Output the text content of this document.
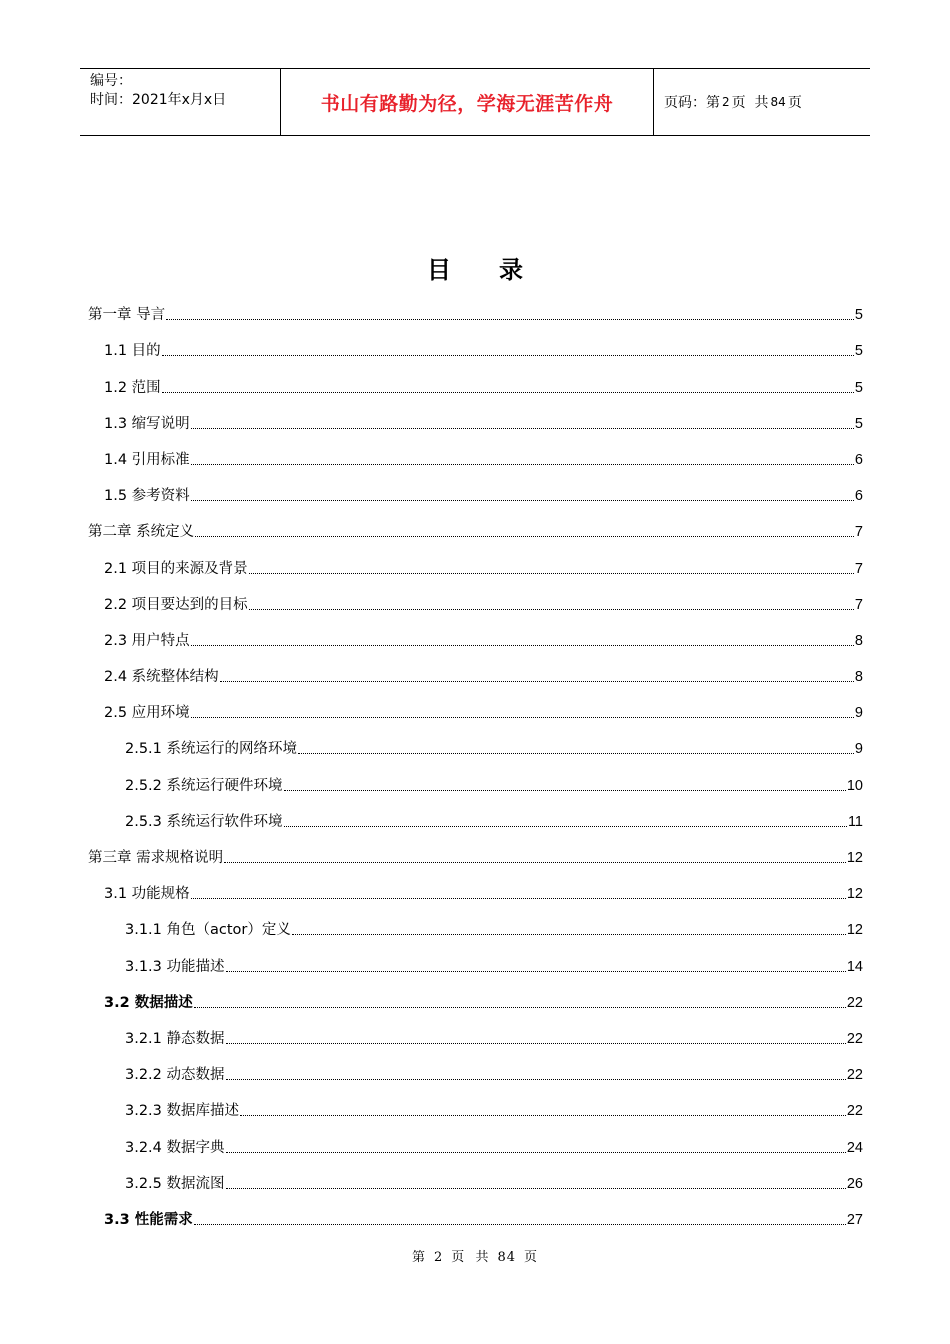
编号：
时间：2021年x月x日	书山有路勤为径，学海无涯苦作舟	页码：第 2 页  共 84 页
目 录
第一章 导言	5
1.1 目的	5
1.2 范围	5
1.3 缩写说明	5
1.4 引用标准	6
1.5 参考资料	6
第二章 系统定义	7
2.1 项目的来源及背景	7
2.2 项目要达到的目标	7
2.3 用户特点	8
2.4 系统整体结构	8
2.5 应用环境	9
2.5.1 系统运行的网络环境	9
2.5.2 系统运行硬件环境	10
2.5.3 系统运行软件环境	11
第三章 需求规格说明	12
3.1 功能规格	12
3.1.1 角色（actor）定义	12
3.1.3 功能描述	14
3.2 数据描述	22
3.2.1 静态数据	22
3.2.2 动态数据	22
3.2.3 数据库描述	22
3.2.4 数据字典	24
3.2.5 数据流图	26
3.3 性能需求	27
第 2 页  共 84 页
